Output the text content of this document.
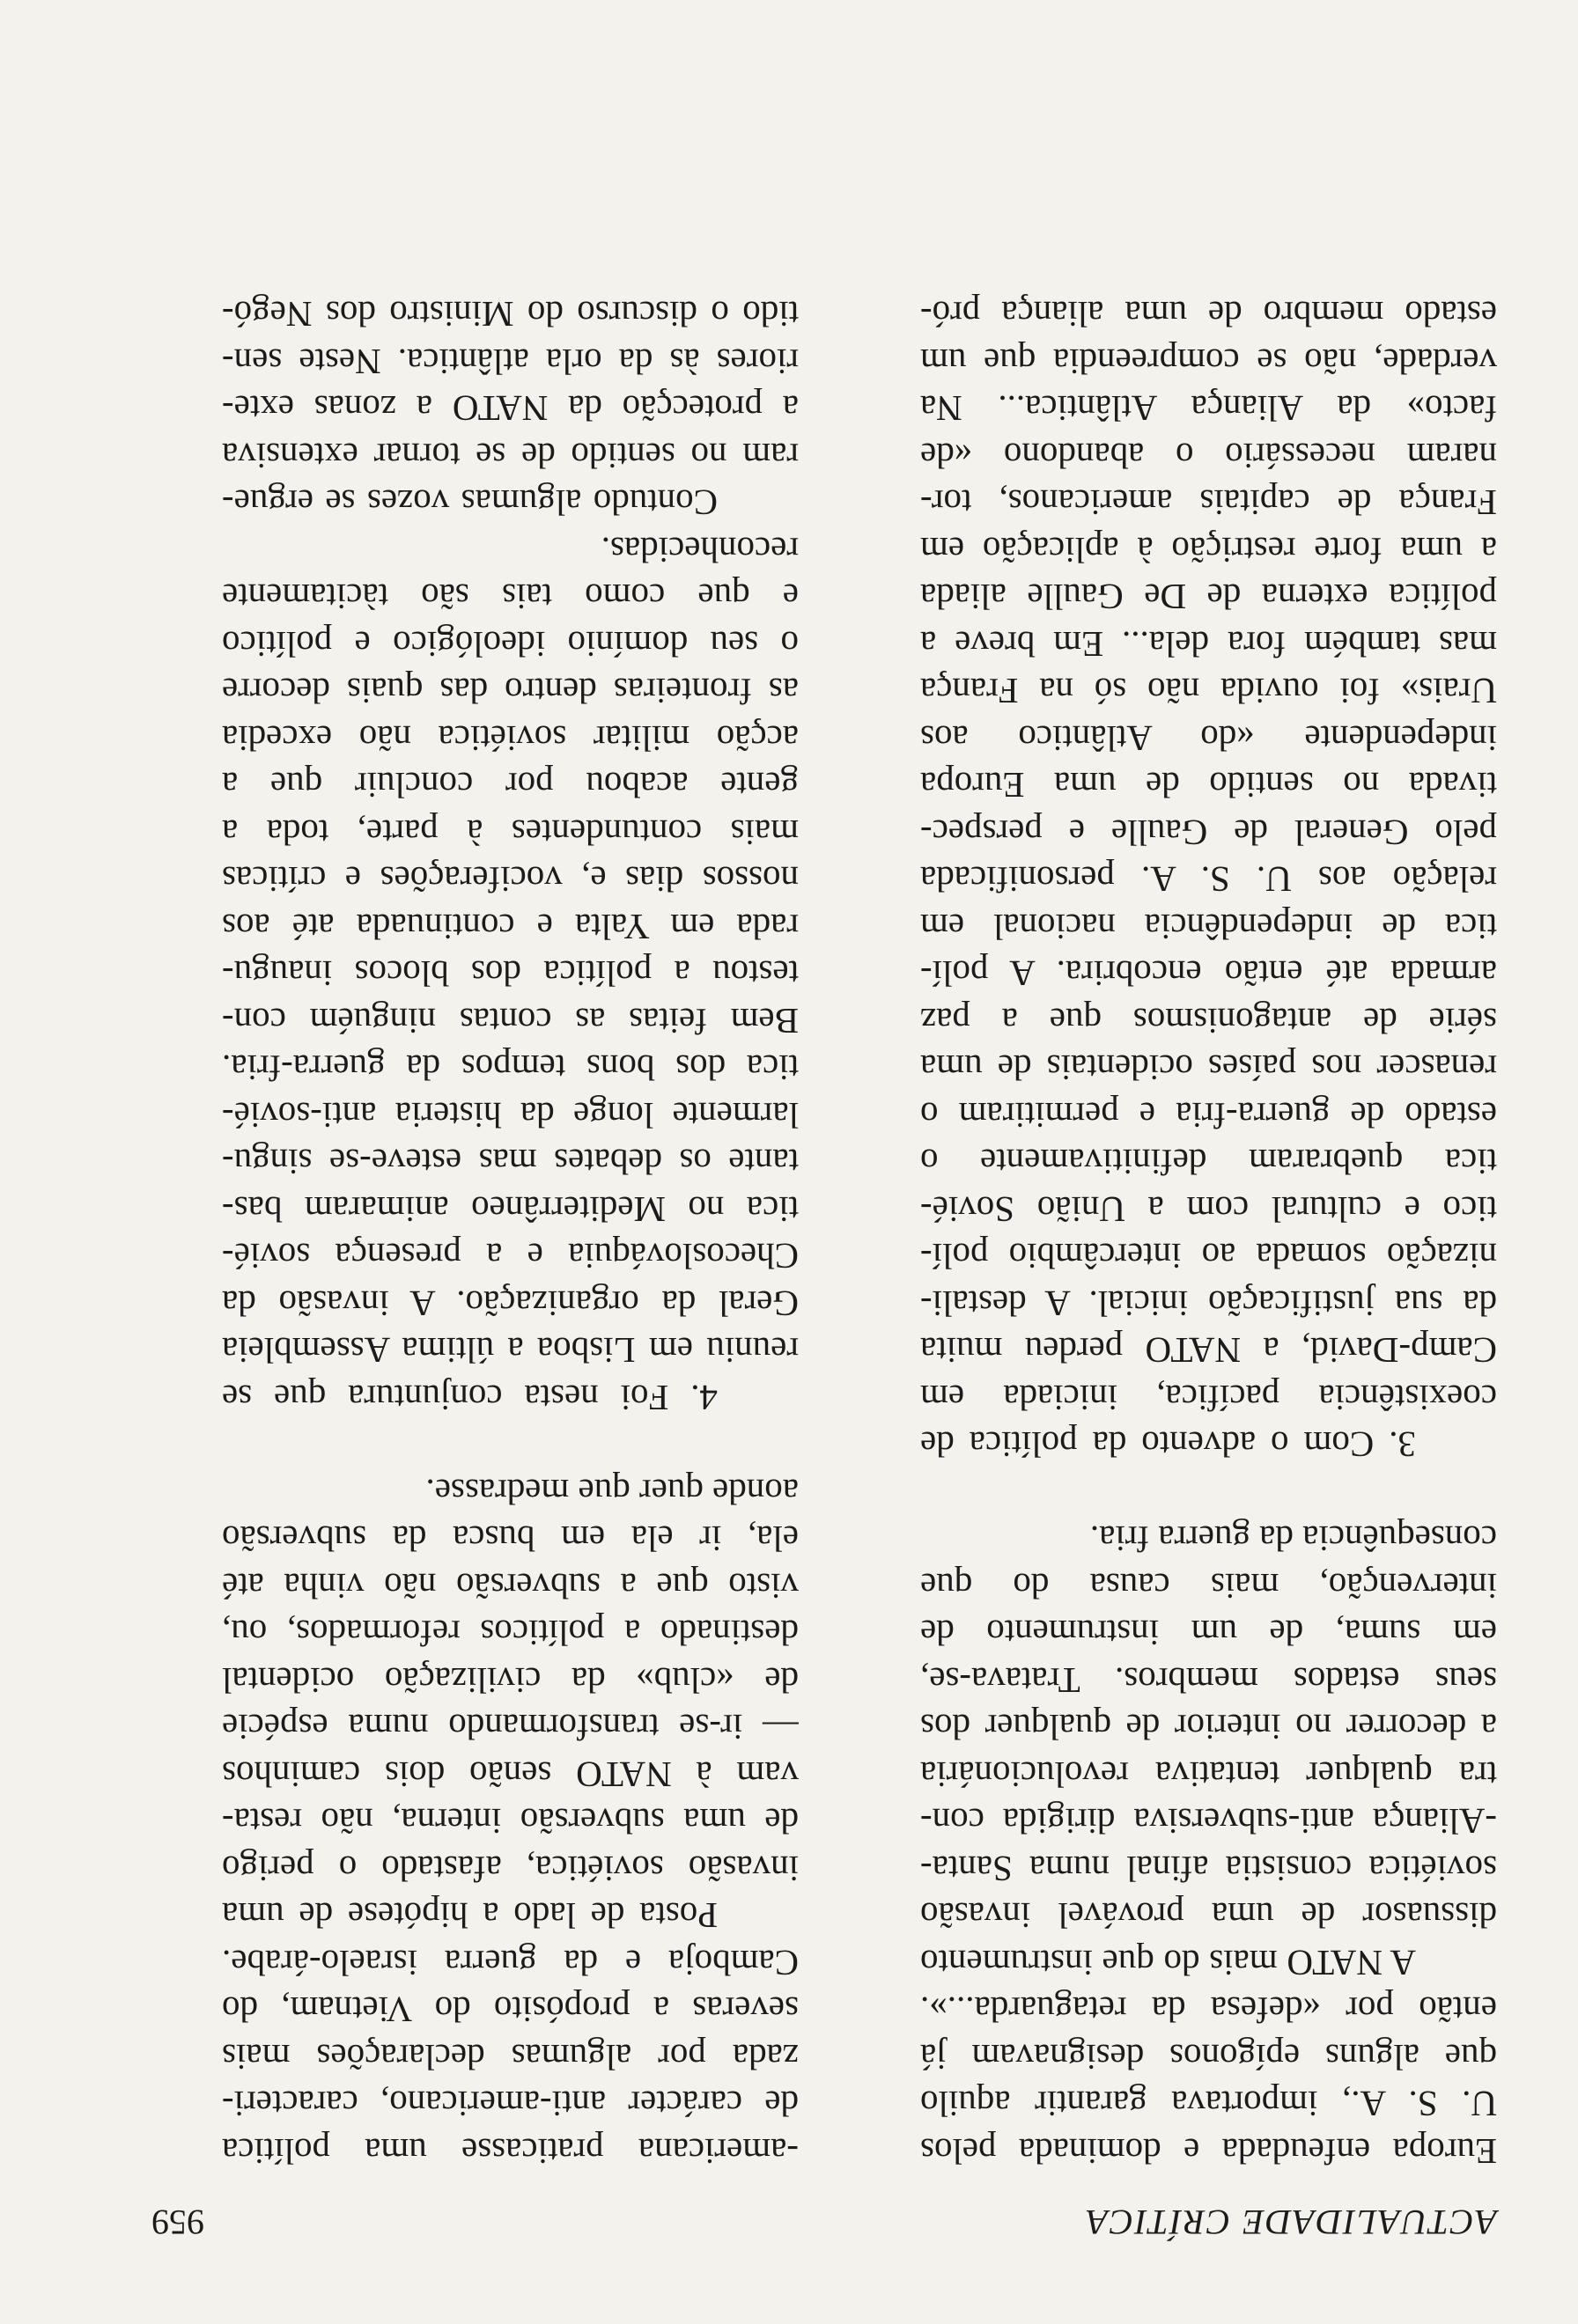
ACTUALIDADE CRÍTICA
959
Europa enfeudada e dominada pelos
U. S. A., importava garantir aquilo
que alguns epígonos designavam já
então por «defesa da retaguarda...».
A NATO mais do que instrumento
dissuasor de uma provável invasão
soviética consistia afinal numa Santa-
-Aliança anti-subversiva dirigida con-
tra qualquer tentativa revolucionária
a decorrer no interior de qualquer dos
seus estados membros. Tratava-se,
em suma, de um instrumento de
intervenção, mais causa do que
consequência da guerra fria.
3. Com o advento da política de
coexistência pacífica, iniciada em
Camp-David, a NATO perdeu muita
da sua justificação inicial. A destali-
nização somada ao intercâmbio polí-
tico e cultural com a União Sovié-
tica quebraram definitivamente o
estado de guerra-fria e permitiram o
renascer nos países ocidentais de uma
série de antagonismos que a paz
armada até então encobrira. A polí-
tica de independência nacional em
relação aos U. S. A. personificada
pelo General de Gaulle e perspec-
tivada no sentido de uma Europa
independente «do Atlântico aos
Urais» foi ouvida não só na França
mas também fora dela... Em breve a
política externa de De Gaulle aliada
a uma forte restrição à aplicação em
França de capitais americanos, tor-
naram necessário o abandono «de
facto» da Aliança Atlântica... Na
verdade, não se compreendia que um
estado membro de uma aliança pró-
-americana praticasse uma política
de carácter anti-americano, caracteri-
zada por algumas declarações mais
severas a propósito do Vietnam, do
Camboja e da guerra israelo-árabe.
Posta de lado a hipótese de uma
invasão soviética, afastado o perigo
de uma subversão interna, não resta-
vam à NATO senão dois caminhos
— ir-se transformando numa espécie
de «club» da civilização ocidental
destinado a políticos reformados, ou,
visto que a subversão não vinha até
ela, ir ela em busca da subversão
aonde quer que medrasse.
4. Foi nesta conjuntura que se
reuniu em Lisboa a última Assembleia
Geral da organização. A invasão da
Checoslováquia e a presença sovié-
tica no Mediterrâneo animaram bas-
tante os debates mas esteve-se singu-
larmente longe da histeria anti-sovié-
tica dos bons tempos da guerra-fria.
Bem feitas as contas ninguém con-
testou a política dos blocos inaugu-
rada em Yalta e continuada até aos
nossos dias e, vociferações e críticas
mais contundentes à parte, toda a
gente acabou por concluir que a
acção militar soviética não excedia
as fronteiras dentro das quais decorre
o seu domínio ideológico e político
e que como tais são tàcitamente
reconhecidas.
Contudo algumas vozes se ergue-
ram no sentido de se tornar extensiva
a protecção da NATO a zonas exte-
riores às da orla atlântica. Neste sen-
tido o discurso do Ministro dos Negó-
